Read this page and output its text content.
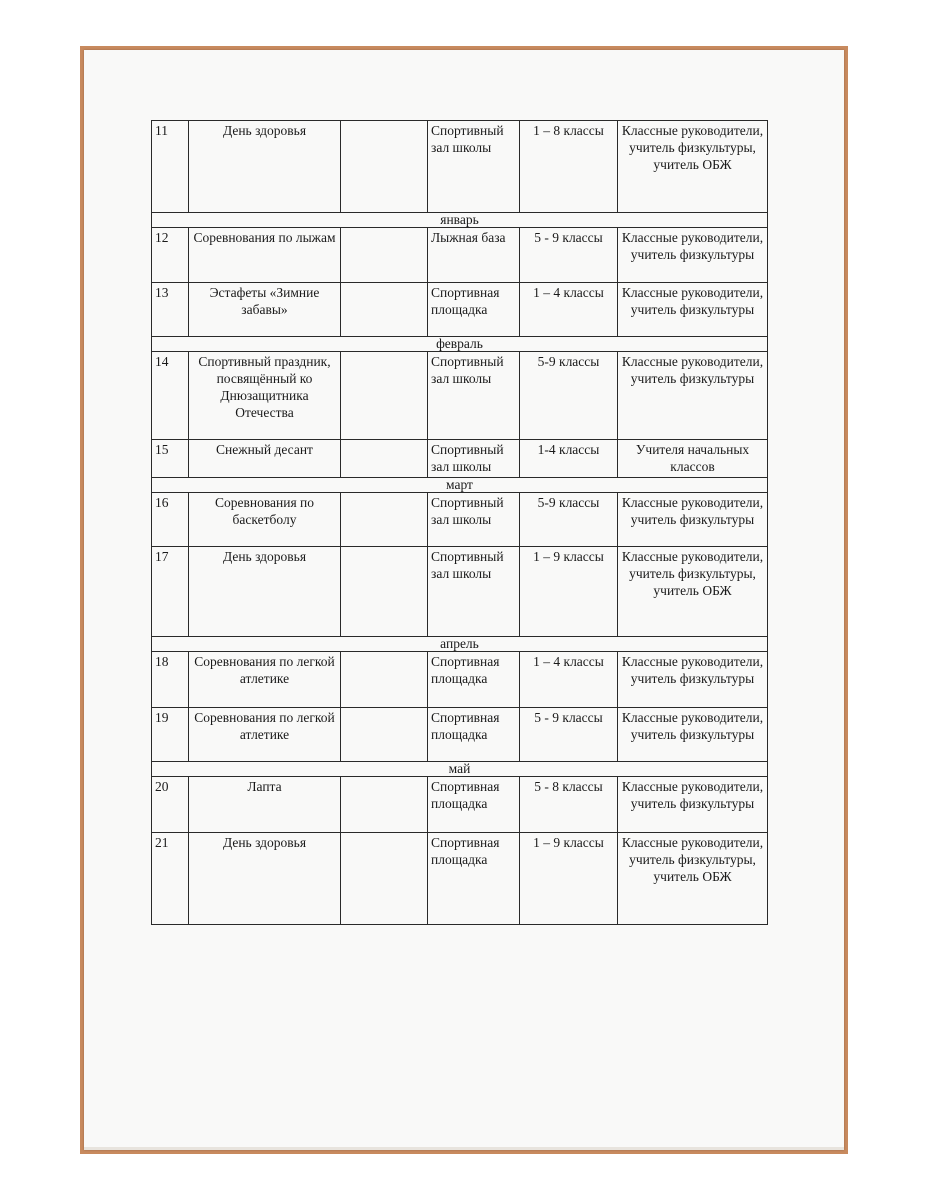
11	День здоровья		Спортивный зал школы	1 – 8 классы	Классные руководители, учитель физкультуры, учитель ОБЖ
январь					
12	Соревнования по лыжам		Лыжная база	5 - 9 классы	Классные руководители, учитель физкультуры
13	Эстафеты «Зимние забавы»		Спортивная площадка	1 – 4 классы	Классные руководители, учитель физкультуры
февраль					
14	Спортивный праздник, посвящённый ко Днюзащитника Отечества		Спортивный зал школы	5-9 классы	Классные руководители, учитель физкультуры
15	Снежный десант		Спортивный зал школы	1-4 классы	Учителя начальных классов
март					
16	Соревнования по баскетболу		Спортивный зал школы	5-9 классы	Классные руководители, учитель физкультуры
17	День здоровья		Спортивный зал школы	1 – 9 классы	Классные руководители, учитель физкультуры, учитель ОБЖ
апрель					
18	Соревнования по легкой атлетике		Спортивная площадка	1 – 4 классы	Классные руководители, учитель физкультуры
19	Соревнования по легкой атлетике		Спортивная площадка	5 - 9 классы	Классные руководители, учитель физкультуры
май					
20	Лапта		Спортивная площадка	5 - 8 классы	Классные руководители, учитель физкультуры
21	День здоровья		Спортивная площадка	1 – 9 классы	Классные руководители, учитель физкультуры, учитель ОБЖ
